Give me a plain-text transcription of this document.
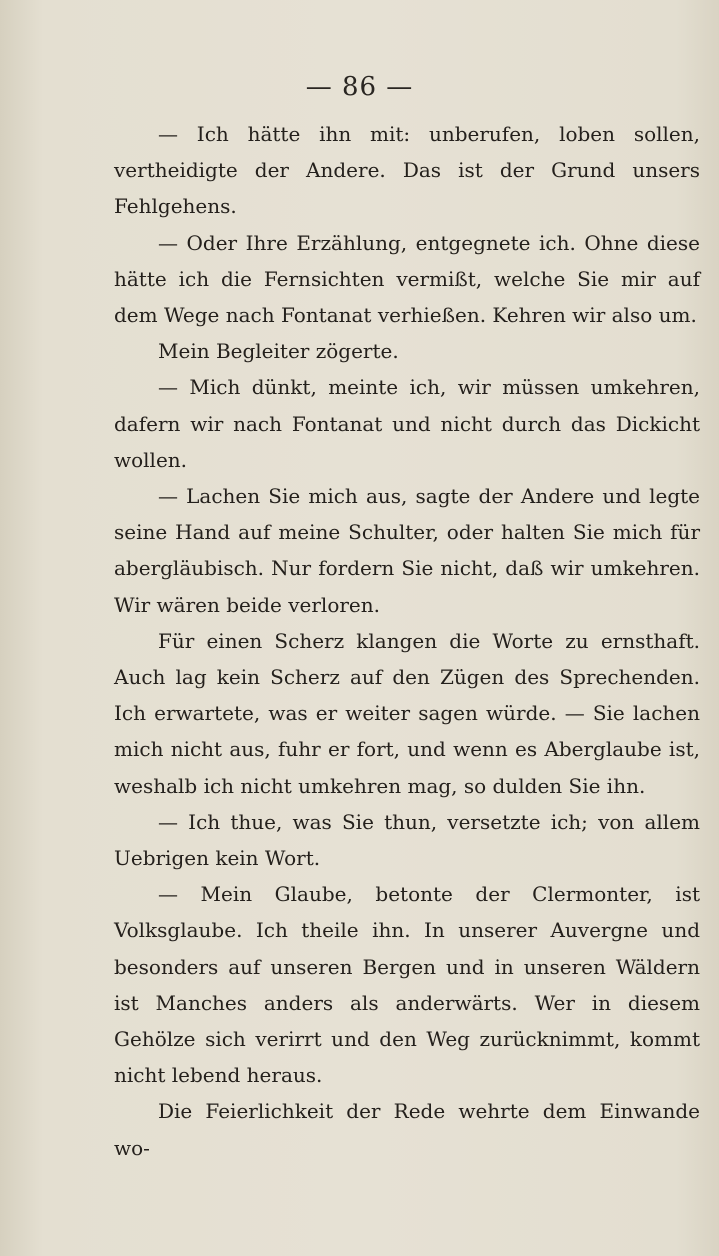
— 86 —

— Ich hätte ihn mit: unberufen, loben sollen, vertheidigte der Andere. Das ist der Grund unsers Fehlgehens.

— Oder Ihre Erzählung, entgegnete ich. Ohne diese hätte ich die Fernsichten vermißt, welche Sie mir auf dem Wege nach Fontanat verhießen. Kehren wir also um.

Mein Begleiter zögerte.

— Mich dünkt, meinte ich, wir müssen umkehren, dafern wir nach Fontanat und nicht durch das Dickicht wollen.

— Lachen Sie mich aus, sagte der Andere und legte seine Hand auf meine Schulter, oder halten Sie mich für abergläubisch. Nur fordern Sie nicht, daß wir umkehren. Wir wären beide verloren.

Für einen Scherz klangen die Worte zu ernsthaft. Auch lag kein Scherz auf den Zügen des Sprechenden. Ich erwartete, was er weiter sagen würde. — Sie lachen mich nicht aus, fuhr er fort, und wenn es Aberglaube ist, weshalb ich nicht umkehren mag, so dulden Sie ihn.

— Ich thue, was Sie thun, versetzte ich; von allem Uebrigen kein Wort.

— Mein Glaube, betonte der Clermonter, ist Volksglaube. Ich theile ihn. In unserer Auvergne und besonders auf unseren Bergen und in unseren Wäldern ist Manches anders als anderwärts. Wer in diesem Gehölze sich verirrt und den Weg zurücknimmt, kommt nicht lebend heraus.

Die Feierlichkeit der Rede wehrte dem Einwande wo-
